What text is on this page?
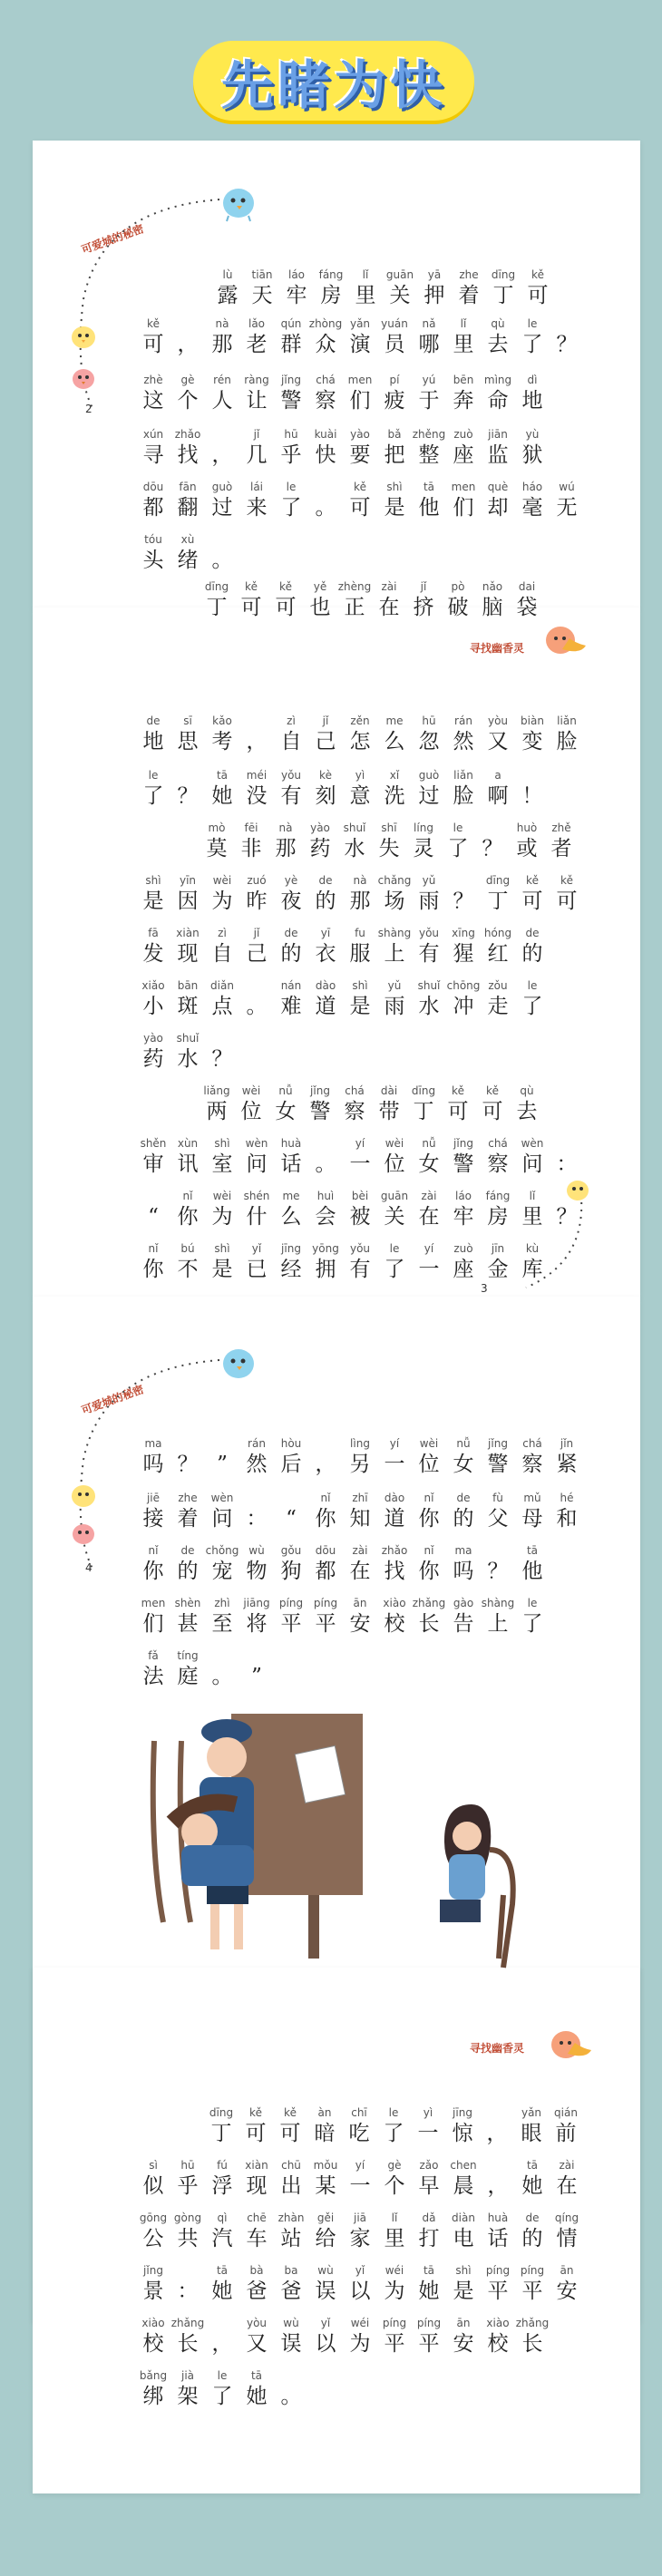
先睹为快
可爱城的秘密
2
寻找幽香灵
3
可爱城的秘密
4
寻找幽香灵
lù
露
tiān
天
láo
牢
fáng
房
lǐ
里
guān
关
yā
押
zhe
着
dīng
丁
kě
可
kě
可 ，
nà
那
lǎo
老
qún
群
zhòng
众
yǎn
演
yuán
员
nǎ
哪
lǐ
里
qù
去
le
了 ？
zhè
这
gè
个
rén
人
ràng
让
jǐng
警
chá
察
men
们
pí
疲
yú
于
bēn
奔
mìng
命
dì
地
xún
寻
zhǎo
找 ，
jǐ
几
hū
乎
kuài
快
yào
要
bǎ
把
zhěng
整
zuò
座
jiān
监
yù
狱
dōu
都
fān
翻
guò
过
lái
来
le
了 。
kě
可
shì
是
tā
他
men
们
què
却
háo
毫
wú
无
tóu
头
xù
绪 。
dīng
丁
kě
可
kě
可
yě
也
zhèng
正
zài
在
jǐ
挤
pò
破
nǎo
脑
dai
袋
de
地
sī
思
kǎo
考 ，
zì
自
jǐ
己
zěn
怎
me
么
hū
忽
rán
然
yòu
又
biàn
变
liǎn
脸
le
了 ？
tā
她
méi
没
yǒu
有
kè
刻
yì
意
xǐ
洗
guò
过
liǎn
脸
a
啊 ！
mò
莫
fēi
非
nà
那
yào
药
shuǐ
水
shī
失
líng
灵
le
了 ？
huò
或
zhě
者
shì
是
yīn
因
wèi
为
zuó
昨
yè
夜
de
的
nà
那
chǎng
场
yǔ
雨 ？
dīng
丁
kě
可
kě
可
fā
发
xiàn
现
zì
自
jǐ
己
de
的
yī
衣
fu
服
shàng
上
yǒu
有
xīng
猩
hóng
红
de
的
xiǎo
小
bān
斑
diǎn
点 。
nán
难
dào
道
shì
是
yǔ
雨
shuǐ
水
chōng
冲
zǒu
走
le
了
yào
药
shuǐ
水 ？
liǎng
两
wèi
位
nǚ
女
jǐng
警
chá
察
dài
带
dīng
丁
kě
可
kě
可
qù
去
shěn
审
xùn
讯
shì
室
wèn
问
huà
话 。
yí
一
wèi
位
nǚ
女
jǐng
警
chá
察
wèn
问 ：
“
nǐ
你
wèi
为
shén
什
me
么
huì
会
bèi
被
guān
关
zài
在
láo
牢
fáng
房
lǐ
里 ？
nǐ
你
bú
不
shì
是
yǐ
已
jīng
经
yōng
拥
yǒu
有
le
了
yí
一
zuò
座
jīn
金
kù
库
ma
吗 ？ ”
rán
然
hòu
后 ，
lìng
另
yí
一
wèi
位
nǚ
女
jǐng
警
chá
察
jǐn
紧
jiē
接
zhe
着
wèn
问 ： “
nǐ
你
zhī
知
dào
道
nǐ
你
de
的
fù
父
mǔ
母
hé
和
nǐ
你
de
的
chǒng
宠
wù
物
gǒu
狗
dōu
都
zài
在
zhǎo
找
nǐ
你
ma
吗 ？
tā
他
men
们
shèn
甚
zhì
至
jiāng
将
píng
平
píng
平
ān
安
xiào
校
zhǎng
长
gào
告
shàng
上
le
了
fǎ
法
tíng
庭 。 ”
dīng
丁
kě
可
kě
可
àn
暗
chī
吃
le
了
yì
一
jīng
惊 ，
yǎn
眼
qián
前
sì
似
hū
乎
fú
浮
xiàn
现
chū
出
mǒu
某
yí
一
gè
个
zǎo
早
chen
晨 ，
tā
她
zài
在
gōng
公
gòng
共
qì
汽
chē
车
zhàn
站
gěi
给
jiā
家
lǐ
里
dǎ
打
diàn
电
huà
话
de
的
qíng
情
jǐng
景 ：
tā
她
bà
爸
ba
爸
wù
误
yǐ
以
wéi
为
tā
她
shì
是
píng
平
píng
平
ān
安
xiào
校
zhǎng
长 ，
yòu
又
wù
误
yǐ
以
wéi
为
píng
平
píng
平
ān
安
xiào
校
zhǎng
长
bǎng
绑
jià
架
le
了
tā
她 。
